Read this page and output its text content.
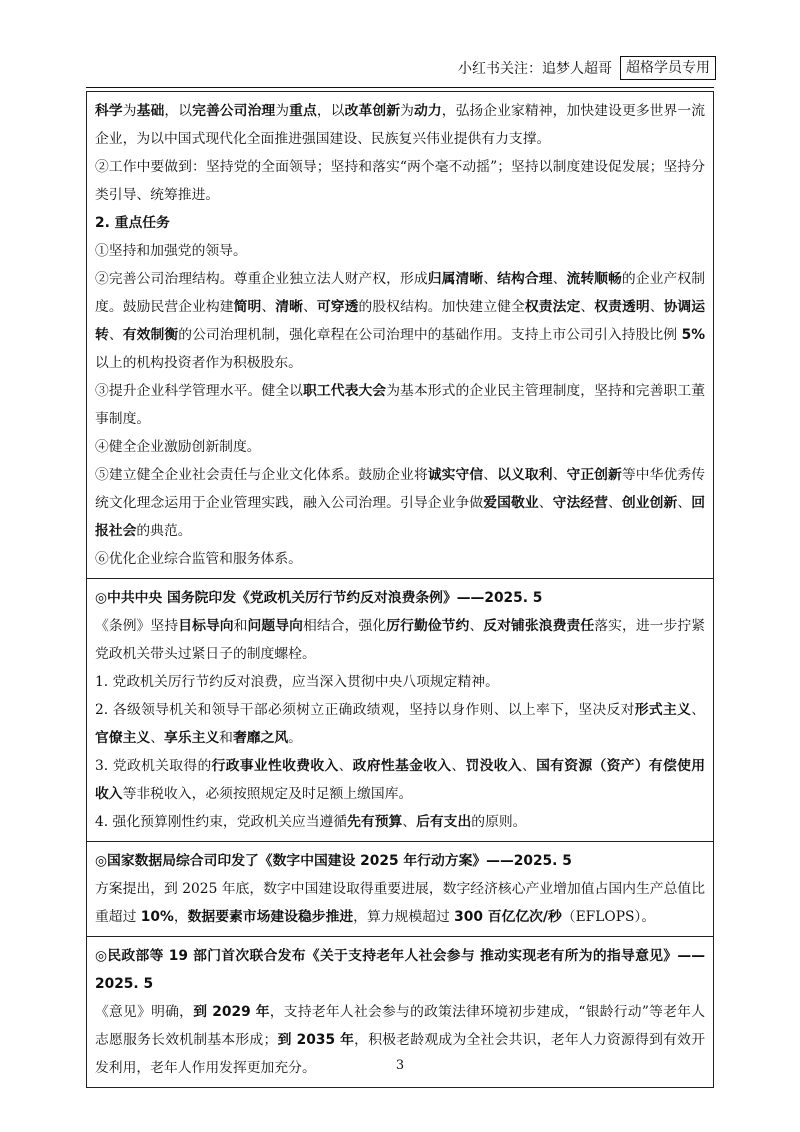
小红书关注：追梦人超哥	超格学员专用

科学为基础，以完善公司治理为重点，以改革创新为动力，弘扬企业家精神，加快建设更多世界一流企业，为以中国式现代化全面推进强国建设、民族复兴伟业提供有力支撑。

②工作中要做到：坚持党的全面领导；坚持和落实“两个毫不动摇”；坚持以制度建设促发展；坚持分类引导、统筹推进。

2. 重点任务

①坚持和加强党的领导。

②完善公司治理结构。尊重企业独立法人财产权，形成归属清晰、结构合理、流转顺畅的企业产权制度。鼓励民营企业构建简明、清晰、可穿透的股权结构。加快建立健全权责法定、权责透明、协调运转、有效制衡的公司治理机制，强化章程在公司治理中的基础作用。支持上市公司引入持股比例 5%以上的机构投资者作为积极股东。

③提升企业科学管理水平。健全以职工代表大会为基本形式的企业民主管理制度，坚持和完善职工董事制度。

④健全企业激励创新制度。

⑤建立健全企业社会责任与企业文化体系。鼓励企业将诚实守信、以义取利、守正创新等中华优秀传统文化理念运用于企业管理实践，融入公司治理。引导企业争做爱国敬业、守法经营、创业创新、回报社会的典范。

⑥优化企业综合监管和服务体系。

◎中共中央 国务院印发《党政机关厉行节约反对浪费条例》——2025. 5

《条例》坚持目标导向和问题导向相结合，强化厉行勤俭节约、反对铺张浪费责任落实，进一步拧紧党政机关带头过紧日子的制度螺栓。

1. 党政机关厉行节约反对浪费，应当深入贯彻中央八项规定精神。

2. 各级领导机关和领导干部必须树立正确政绩观，坚持以身作则、以上率下，坚决反对形式主义、官僚主义、享乐主义和奢靡之风。

3. 党政机关取得的行政事业性收费收入、政府性基金收入、罚没收入、国有资源（资产）有偿使用收入等非税收入，必须按照规定及时足额上缴国库。

4. 强化预算刚性约束，党政机关应当遵循先有预算、后有支出的原则。

◎国家数据局综合司印发了《数字中国建设 2025 年行动方案》——2025. 5

方案提出，到 2025 年底，数字中国建设取得重要进展，数字经济核心产业增加值占国内生产总值比重超过 10%，数据要素市场建设稳步推进，算力规模超过 300 百亿亿次/秒（EFLOPS）。

◎民政部等 19 部门首次联合发布《关于支持老年人社会参与 推动实现老有所为的指导意见》——2025. 5

《意见》明确，到 2029 年，支持老年人社会参与的政策法律环境初步建成，“银龄行动”等老年人志愿服务长效机制基本形成；到 2035 年，积极老龄观成为全社会共识，老年人力资源得到有效开发利用，老年人作用发挥更加充分。	3
